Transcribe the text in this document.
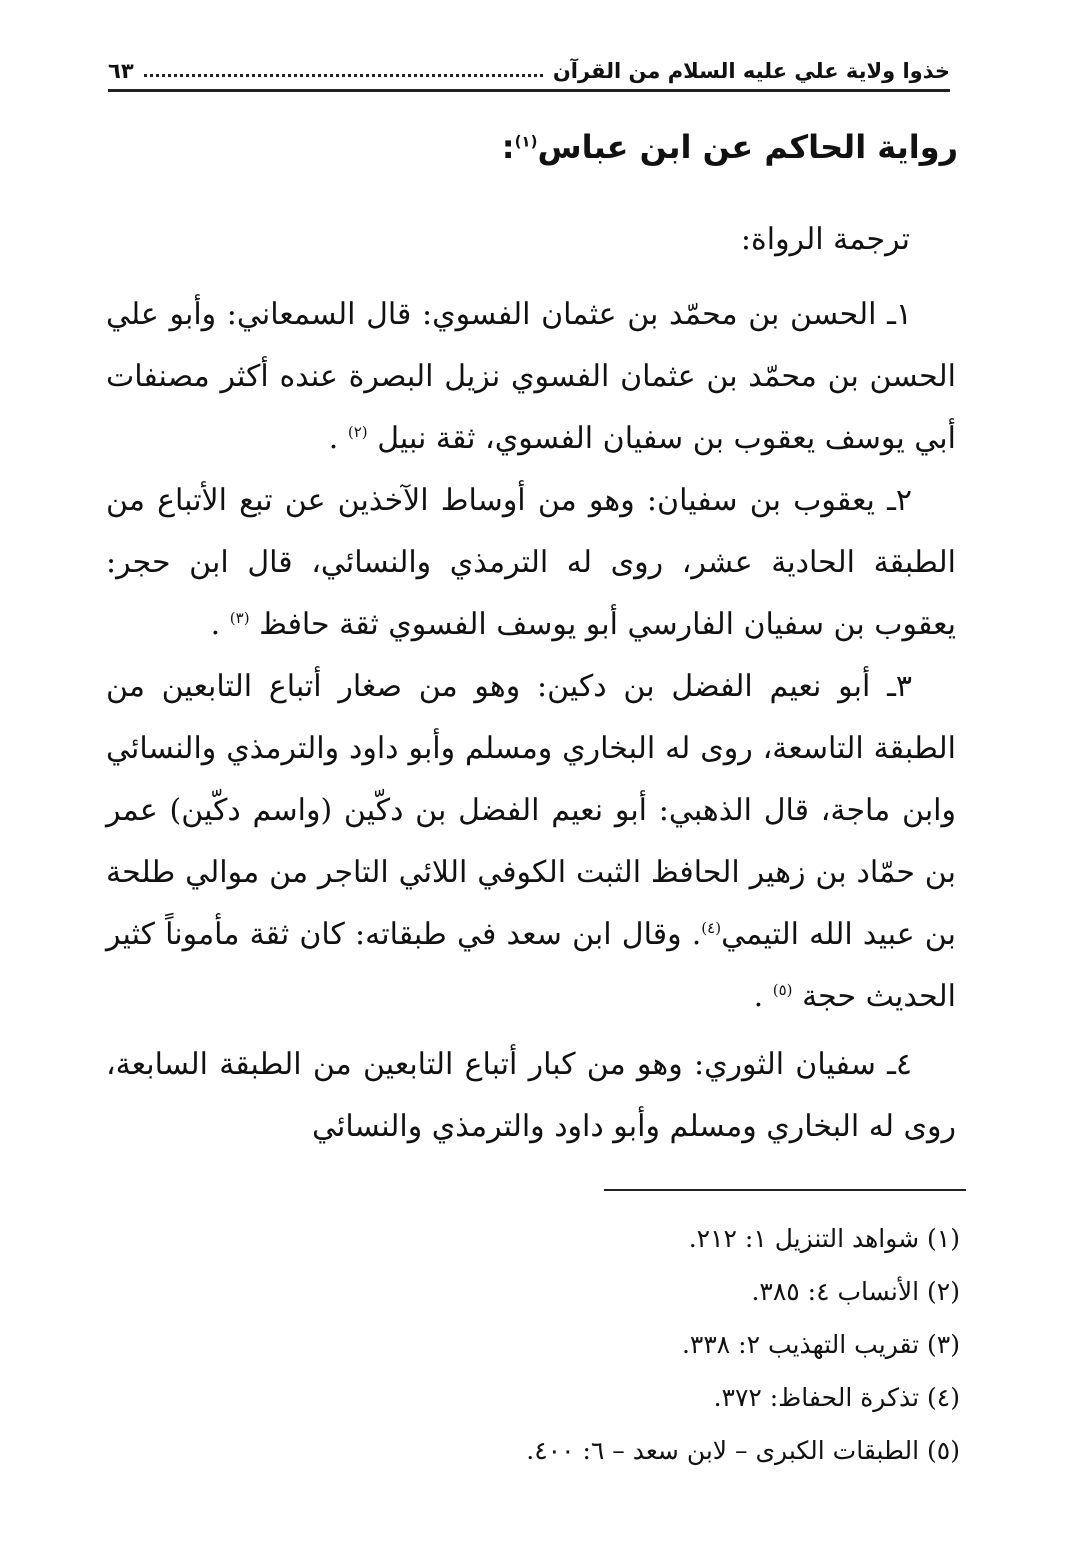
خذوا ولاية علي عليه السلام من القرآن
٦٣
رواية الحاكم عن ابن عباس$^{(١)}$:
ترجمة الرواة:

١ـ الحسن بن محمّد بن عثمان الفسوي: قال السمعاني: وأبو علي الحسن بن محمّد بن عثمان الفسوي نزيل البصرة عنده أكثر مصنفات أبي يوسف يعقوب بن سفيان الفسوي، ثقة نبيل $^{(٢)}$ .

٢ـ يعقوب بن سفيان: وهو من أوساط الآخذين عن تبع الأتباع من الطبقة الحادية عشر، روى له الترمذي والنسائي، قال ابن حجر: يعقوب بن سفيان الفارسي أبو يوسف الفسوي ثقة حافظ $^{(٣)}$ .

٣ـ أبو نعيم الفضل بن دكين: وهو من صغار أتباع التابعين من الطبقة التاسعة، روى له البخاري ومسلم وأبو داود والترمذي والنسائي وابن ماجة، قال الذهبي: أبو نعيم الفضل بن دكّين (واسم دكّين) عمر بن حمّاد بن زهير الحافظ الثبت الكوفي اللائي التاجر من موالي طلحة بن عبيد الله التيمي$^{(٤)}$. وقال ابن سعد في طبقاته: كان ثقة مأموناً كثير الحديث حجة $^{(٥)}$ .

٤ـ سفيان الثوري: وهو من كبار أتباع التابعين من الطبقة السابعة، روى له البخاري ومسلم وأبو داود والترمذي والنسائي

(١) شواهد التنزيل ١: ٢١٢.
(٢) الأنساب ٤: ٣٨٥.
(٣) تقريب التهذيب ٢: ٣٣٨.
(٤) تذكرة الحفاظ: ٣٧٢.
(٥) الطبقات الكبرى – لابن سعد – ٦: ٤٠٠.
